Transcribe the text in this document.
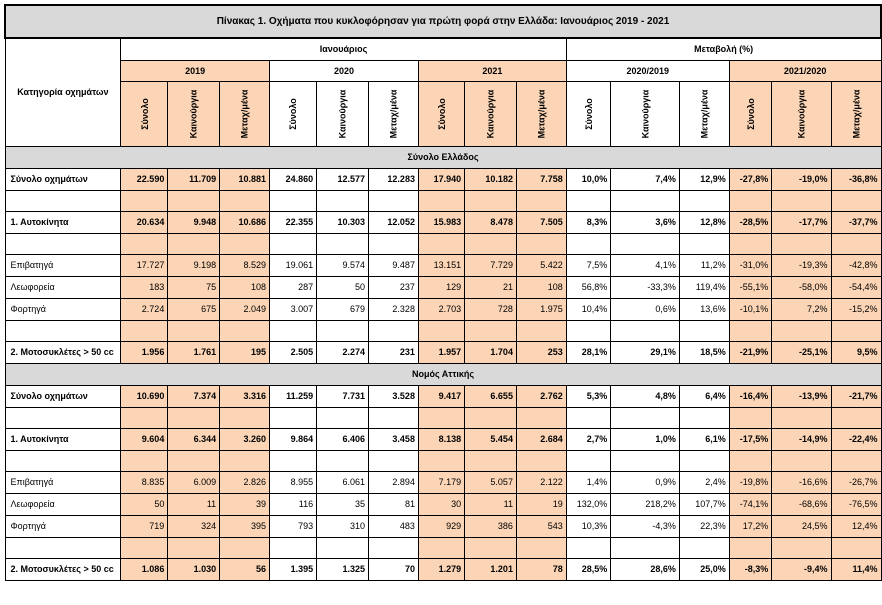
Πίνακας 1. Οχήματα που κυκλοφόρησαν για πρώτη φορά στην Ελλάδα: Ιανουάριος 2019 - 2021															
Κατηγορία οχημάτων	Ιανουάριος									Μεταβολή (%)					
	2019			2020			2021			2020/2019			2021/2020		
	Σύνολο	Καινούργια	Μεταχ/μένα	Σύνολο	Καινούργια	Μεταχ/μένα	Σύνολο	Καινούργια	Μεταχ/μένα	Σύνολο	Καινούργια	Μεταχ/μένα	Σύνολο	Καινούργια	Μεταχ/μένα
Σύνολο Ελλάδος															
Σύνολο οχημάτων	22.590	11.709	10.881	24.860	12.577	12.283	17.940	10.182	7.758	10,0%	7,4%	12,9%	-27,8%	-19,0%	-36,8%

1. Αυτοκίνητα	20.634	9.948	10.686	22.355	10.303	12.052	15.983	8.478	7.505	8,3%	3,6%	12,8%	-28,5%	-17,7%	-37,7%

Επιβατηγά	17.727	9.198	8.529	19.061	9.574	9.487	13.151	7.729	5.422	7,5%	4,1%	11,2%	-31,0%	-19,3%	-42,8%
Λεωφορεία	183	75	108	287	50	237	129	21	108	56,8%	-33,3%	119,4%	-55,1%	-58,0%	-54,4%
Φορτηγά	2.724	675	2.049	3.007	679	2.328	2.703	728	1.975	10,4%	0,6%	13,6%	-10,1%	7,2%	-15,2%

2. Μοτοσυκλέτες > 50 cc	1.956	1.761	195	2.505	2.274	231	1.957	1.704	253	28,1%	29,1%	18,5%	-21,9%	-25,1%	9,5%
Νομός Αττικής															
Σύνολο οχημάτων	10.690	7.374	3.316	11.259	7.731	3.528	9.417	6.655	2.762	5,3%	4,8%	6,4%	-16,4%	-13,9%	-21,7%

1. Αυτοκίνητα	9.604	6.344	3.260	9.864	6.406	3.458	8.138	5.454	2.684	2,7%	1,0%	6,1%	-17,5%	-14,9%	-22,4%

Επιβατηγά	8.835	6.009	2.826	8.955	6.061	2.894	7.179	5.057	2.122	1,4%	0,9%	2,4%	-19,8%	-16,6%	-26,7%
Λεωφορεία	50	11	39	116	35	81	30	11	19	132,0%	218,2%	107,7%	-74,1%	-68,6%	-76,5%
Φορτηγά	719	324	395	793	310	483	929	386	543	10,3%	-4,3%	22,3%	17,2%	24,5%	12,4%

2. Μοτοσυκλέτες > 50 cc	1.086	1.030	56	1.395	1.325	70	1.279	1.201	78	28,5%	28,6%	25,0%	-8,3%	-9,4%	11,4%
